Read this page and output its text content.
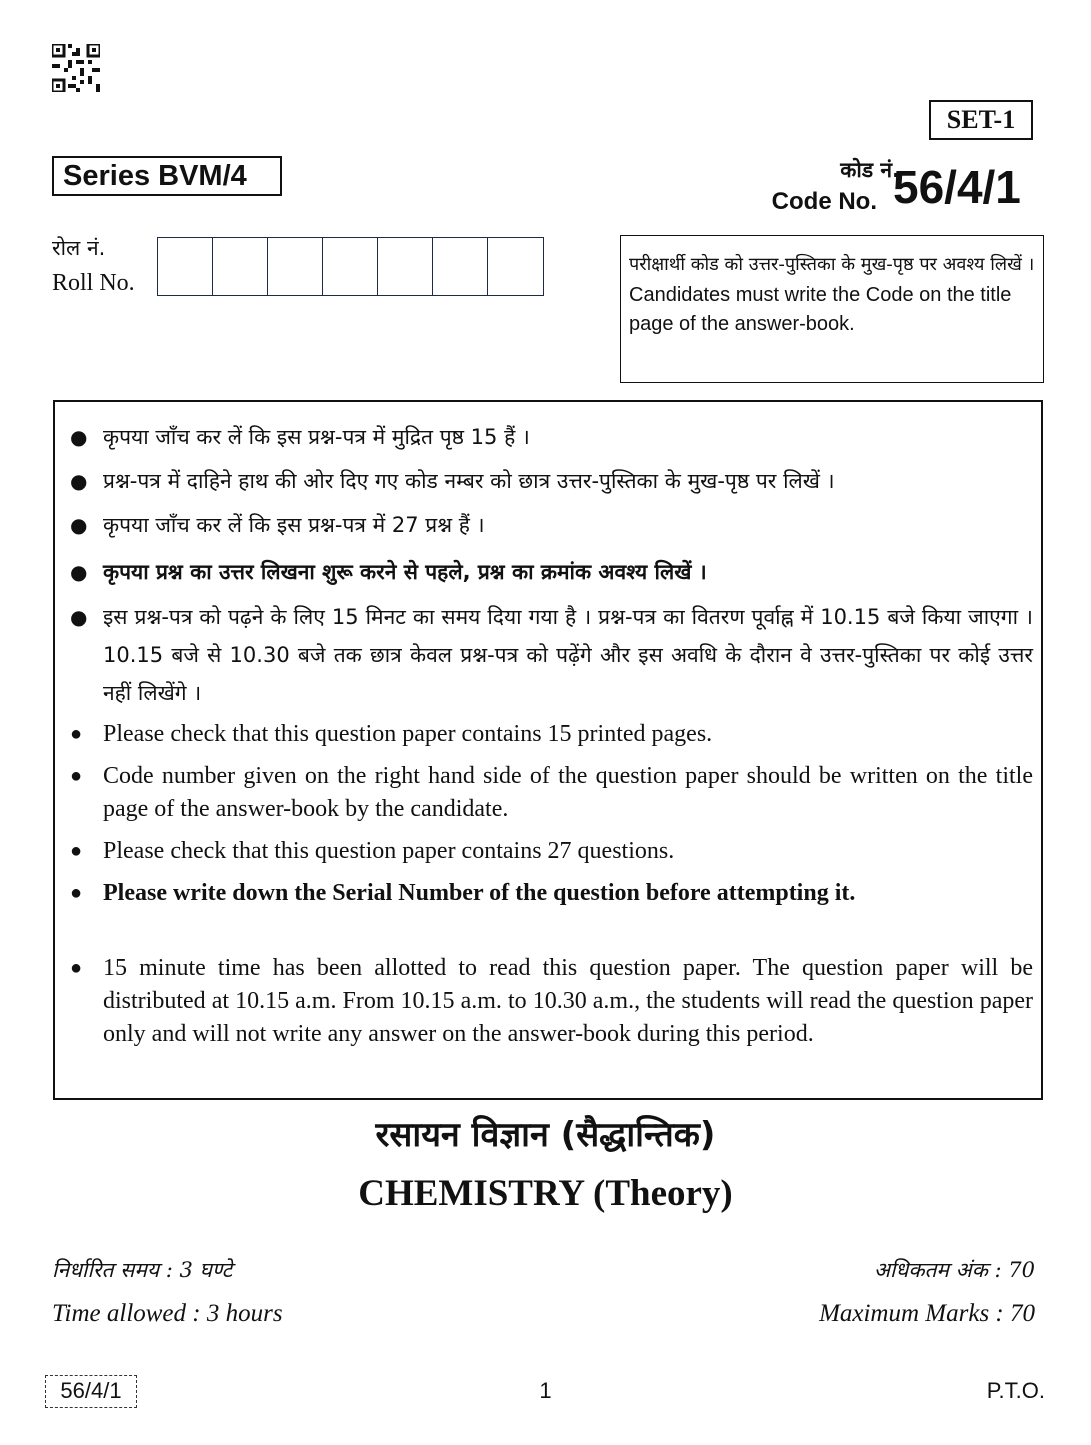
SET-1
Series BVM/4	कोड नं.
Code No. 56/4/1
रोल नं.
Roll No.
परीक्षार्थी कोड को उत्तर-पुस्तिका के मुख-पृष्ठ पर अवश्य लिखें ।
Candidates must write the Code on the title page of the answer-book.
● कृपया जाँच कर लें कि इस प्रश्न-पत्र में मुद्रित पृष्ठ 15 हैं ।
● प्रश्न-पत्र में दाहिने हाथ की ओर दिए गए कोड नम्बर को छात्र उत्तर-पुस्तिका के मुख-पृष्ठ पर लिखें ।
● कृपया जाँच कर लें कि इस प्रश्न-पत्र में 27 प्रश्न हैं ।
● कृपया प्रश्न का उत्तर लिखना शुरू करने से पहले, प्रश्न का क्रमांक अवश्य लिखें ।
● इस प्रश्न-पत्र को पढ़ने के लिए 15 मिनट का समय दिया गया है । प्रश्न-पत्र का वितरण पूर्वाह्न में 10.15 बजे किया जाएगा । 10.15 बजे से 10.30 बजे तक छात्र केवल प्रश्न-पत्र को पढ़ेंगे और इस अवधि के दौरान वे उत्तर-पुस्तिका पर कोई उत्तर नहीं लिखेंगे ।
● Please check that this question paper contains 15 printed pages.
● Code number given on the right hand side of the question paper should be written on the title page of the answer-book by the candidate.
● Please check that this question paper contains 27 questions.
● Please write down the Serial Number of the question before attempting it.
● 15 minute time has been allotted to read this question paper. The question paper will be distributed at 10.15 a.m. From 10.15 a.m. to 10.30 a.m., the students will read the question paper only and will not write any answer on the answer-book during this period.
रसायन विज्ञान (सैद्धान्तिक)
CHEMISTRY (Theory)
निर्धारित समय : 3 घण्टे
Time allowed : 3 hours
अधिकतम अंक : 70
Maximum Marks : 70
56/4/1	1	P.T.O.
